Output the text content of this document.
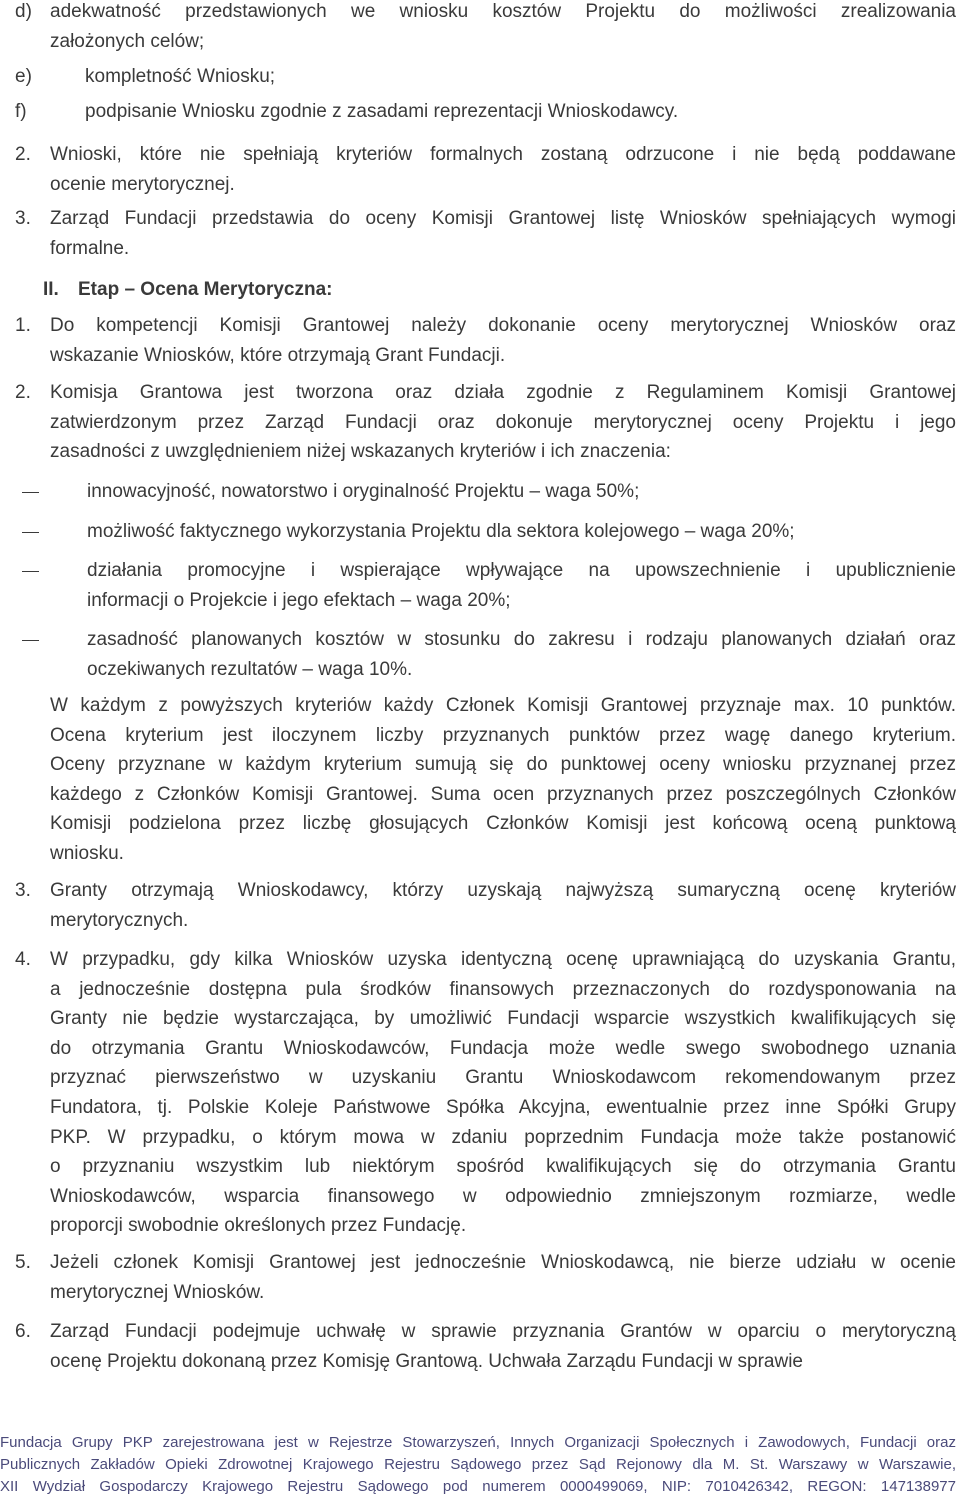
d) adekwatność przedstawionych we wniosku kosztów Projektu do możliwości zrealizowania
założonych celów;
e)	kompletność Wniosku;
f)	podpisanie Wniosku zgodnie z zasadami reprezentacji Wnioskodawcy.
2. Wnioski, które nie spełniają kryteriów formalnych zostaną odrzucone i nie będą poddawane
ocenie merytorycznej.
3. Zarząd Fundacji przedstawia do oceny Komisji Grantowej listę Wniosków spełniających wymogi
formalne.
II. Etap – Ocena Merytoryczna:
1. Do kompetencji Komisji Grantowej należy dokonanie oceny merytorycznej Wniosków oraz
wskazanie Wniosków, które otrzymają Grant Fundacji.
2. Komisja Grantowa jest tworzona oraz działa zgodnie z Regulaminem Komisji Grantowej
zatwierdzonym przez Zarząd Fundacji oraz dokonuje merytorycznej oceny Projektu i jego
zasadności z uwzględnieniem niżej wskazanych kryteriów i ich znaczenia:
innowacyjność, nowatorstwo i oryginalność Projektu – waga 50%;
możliwość faktycznego wykorzystania Projektu dla sektora kolejowego – waga 20%;
działania promocyjne i wspierające wpływające na upowszechnienie i upublicznienie
informacji o Projekcie i jego efektach – waga 20%;
zasadność planowanych kosztów w stosunku do zakresu i rodzaju planowanych działań oraz
oczekiwanych rezultatów – waga 10%.
W każdym z powyższych kryteriów każdy Członek Komisji Grantowej przyznaje max. 10 punktów.
Ocena kryterium jest iloczynem liczby przyznanych punktów przez wagę danego kryterium.
Oceny przyznane w każdym kryterium sumują się do punktowej oceny wniosku przyznanej przez
każdego z Członków Komisji Grantowej. Suma ocen przyznanych przez poszczególnych Członków
Komisji podzielona przez liczbę głosujących Członków Komisji jest końcową oceną punktową
wniosku.
3. Granty otrzymają Wnioskodawcy, którzy uzyskają najwyższą sumaryczną ocenę kryteriów
merytorycznych.
4. W przypadku, gdy kilka Wniosków uzyska identyczną ocenę uprawniającą do uzyskania Grantu,
a jednocześnie dostępna pula środków finansowych przeznaczonych do rozdysponowania na
Granty nie będzie wystarczająca, by umożliwić Fundacji wsparcie wszystkich kwalifikujących się
do otrzymania Grantu Wnioskodawców, Fundacja może wedle swego swobodnego uznania
przyznać pierwszeństwo w uzyskaniu Grantu Wnioskodawcom rekomendowanym przez
Fundatora, tj. Polskie Koleje Państwowe Spółka Akcyjna, ewentualnie przez inne Spółki Grupy
PKP. W przypadku, o którym mowa w zdaniu poprzednim Fundacja może także postanowić
o przyznaniu wszystkim lub niektórym spośród kwalifikujących się do otrzymania Grantu
Wnioskodawców, wsparcia finansowego w odpowiednio zmniejszonym rozmiarze, wedle
proporcji swobodnie określonych przez Fundację.
5. Jeżeli członek Komisji Grantowej jest jednocześnie Wnioskodawcą, nie bierze udziału w ocenie
merytorycznej Wniosków.
6. Zarząd Fundacji podejmuje uchwałę w sprawie przyznania Grantów w oparciu o merytoryczną
ocenę Projektu dokonaną przez Komisję Grantową. Uchwała Zarządu Fundacji w sprawie
Fundacja Grupy PKP zarejestrowana jest w Rejestrze Stowarzyszeń, Innych Organizacji Społecznych i Zawodowych, Fundacji oraz
Publicznych Zakładów Opieki Zdrowotnej Krajowego Rejestru Sądowego przez Sąd Rejonowy dla M. St. Warszawy w Warszawie,
XII Wydział Gospodarczy Krajowego Rejestru Sądowego pod numerem 0000499069, NIP: 7010426342, REGON: 147138977
